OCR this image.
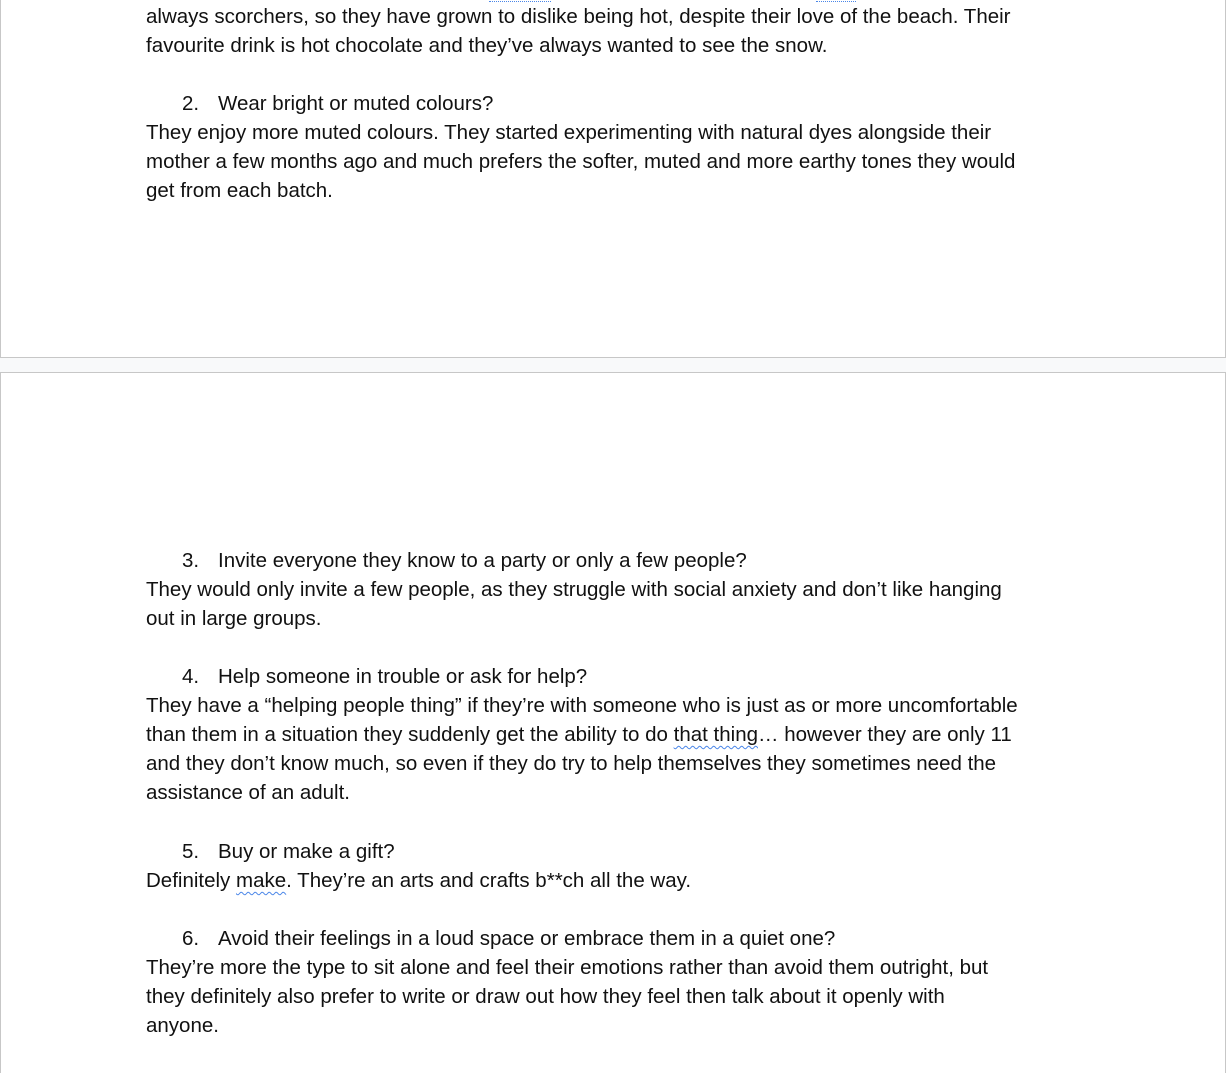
always scorchers, so they have grown to dislike being hot, despite their love of the beach. Their

favourite drink is hot chocolate and they’ve always wanted to see the snow.

2. Wear bright or muted colours?

They enjoy more muted colours. They started experimenting with natural dyes alongside their

mother a few months ago and much prefers the softer, muted and more earthy tones they would

get from each batch.

3. Invite everyone they know to a party or only a few people?

They would only invite a few people, as they struggle with social anxiety and don’t like hanging

out in large groups.

4. Help someone in trouble or ask for help?

They have a “helping people thing” if they’re with someone who is just as or more uncomfortable

than them in a situation they suddenly get the ability to do that thing… however they are only 11

and they don’t know much, so even if they do try to help themselves they sometimes need the

assistance of an adult.

5. Buy or make a gift?

Definitely make. They’re an arts and crafts b**ch all the way.

6. Avoid their feelings in a loud space or embrace them in a quiet one?

They’re more the type to sit alone and feel their emotions rather than avoid them outright, but

they definitely also prefer to write or draw out how they feel then talk about it openly with

anyone.
